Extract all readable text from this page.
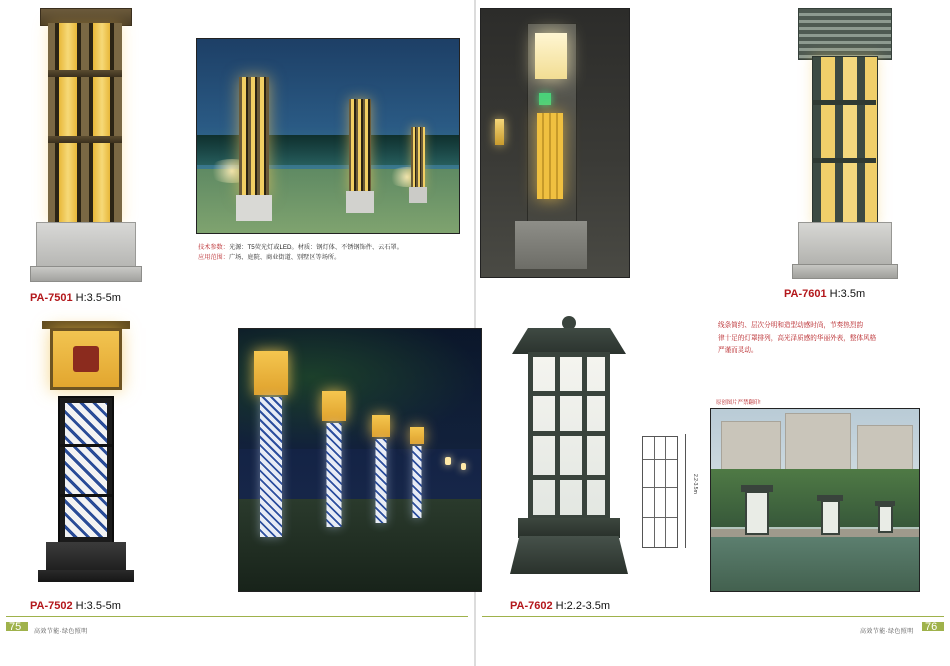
PA-7501 H:3.5-5m
技术参数：光源：T5荧光灯或LED。材质：钢灯体、不锈钢饰件、云石罩。
应用范围：广场、庭院、商业街道、别墅区等场所。
PA-7601 H:3.5m
线条简约、层次分明和造型动感时尚，节奏热烈韵
律十足的灯罩排列，高光泽质感的华丽外表，整体风格
严谨而灵动。
PA-7502 H:3.5-5m	PA-7602 H:2.2-3.5m
2.2-3.5m
原创图片严禁翻印!
75 高效节能·绿色照明	76
高效节能·绿色照明
